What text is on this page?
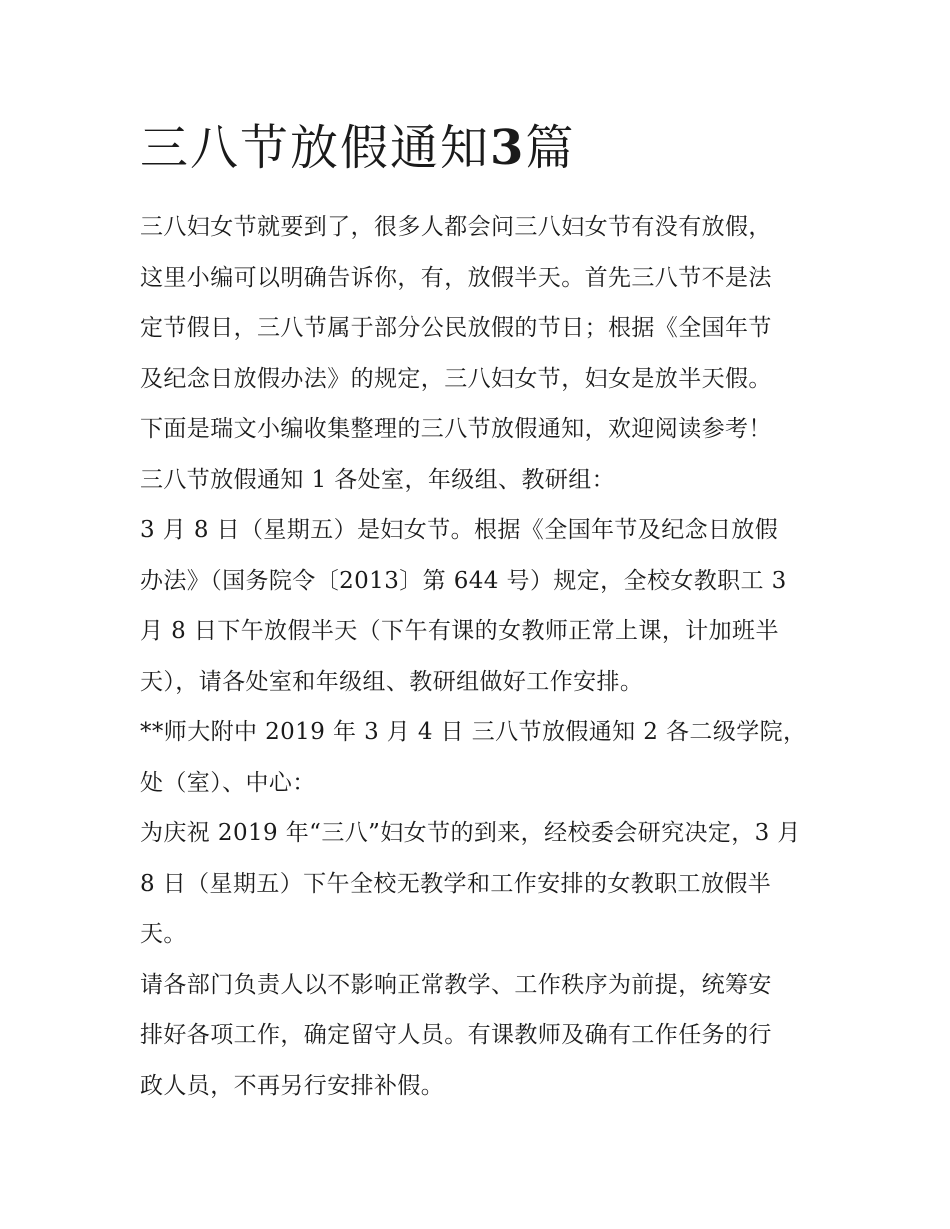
三八节放假通知3篇
三八妇女节就要到了，很多人都会问三八妇女节有没有放假，
这里小编可以明确告诉你，有，放假半天。首先三八节不是法
定节假日，三八节属于部分公民放假的节日；根据《全国年节
及纪念日放假办法》的规定，三八妇女节，妇女是放半天假。
下面是瑞文小编收集整理的三八节放假通知，欢迎阅读参考！
三八节放假通知 1 各处室，年级组、教研组：
3 月 8 日（星期五）是妇女节。根据《全国年节及纪念日放假
办法》（国务院令〔2013〕第 644 号）规定，全校女教职工 3
月 8 日下午放假半天（下午有课的女教师正常上课，计加班半
天），请各处室和年级组、教研组做好工作安排。
**师大附中 2019 年 3 月 4 日 三八节放假通知 2 各二级学院，
处（室）、中心：
为庆祝 2019 年“三八”妇女节的到来，经校委会研究决定，3 月
8 日（星期五）下午全校无教学和工作安排的女教职工放假半
天。
请各部门负责人以不影响正常教学、工作秩序为前提，统筹安
排好各项工作，确定留守人员。有课教师及确有工作任务的行
政人员，不再另行安排补假。
